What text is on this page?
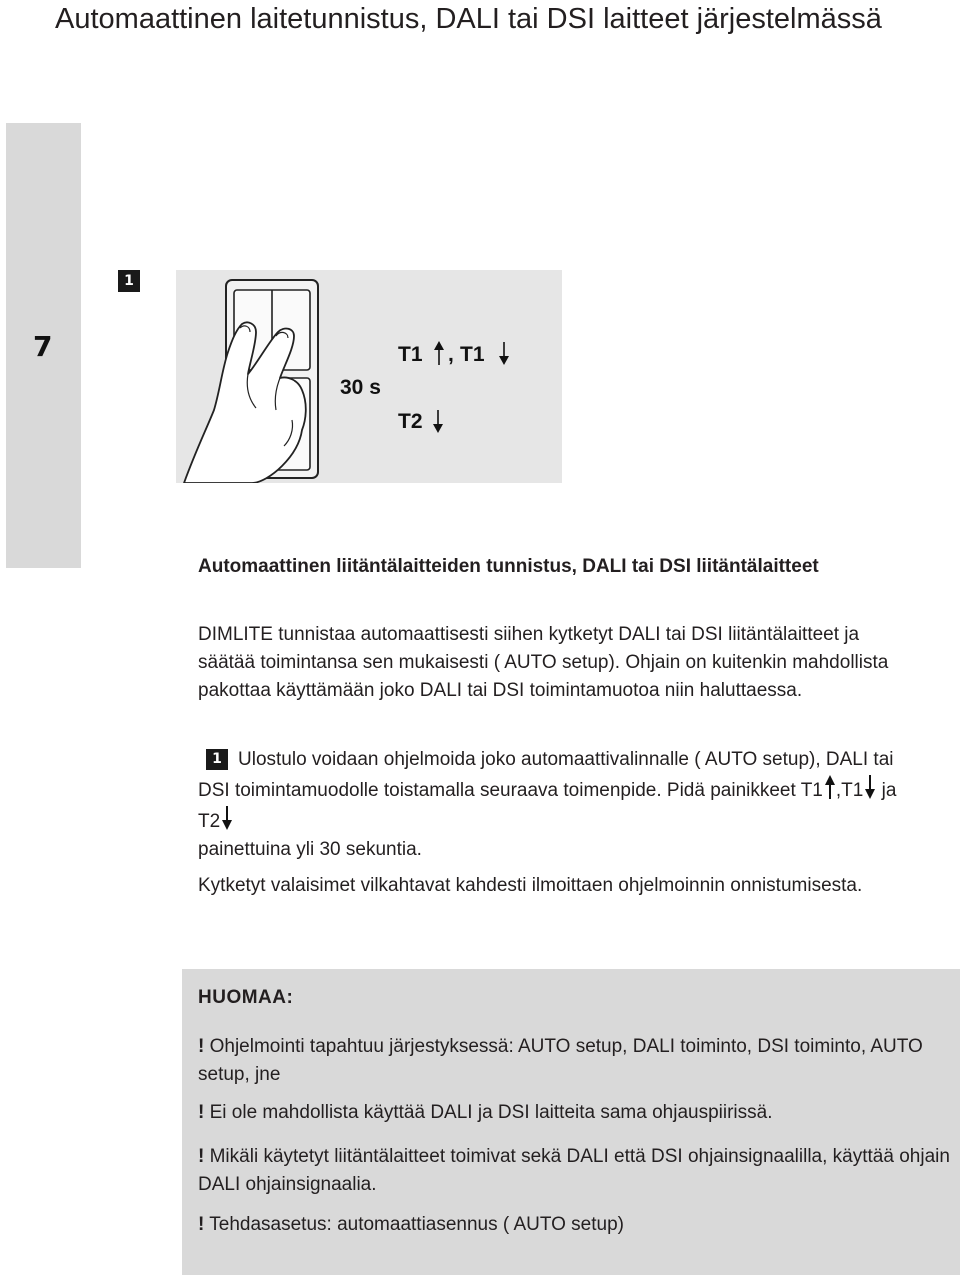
Automaattinen laitetunnistus, DALI tai DSI laitteet järjestelmässä
7
1
30 s
T1 , T1
T2
Automaattinen liitäntälaitteiden tunnistus, DALI tai DSI liitäntälaitteet

DIMLITE tunnistaa automaattisesti siihen kytketyt DALI tai DSI liitäntälaitteet ja säätää toimintansa sen mukaisesti ( AUTO setup). Ohjain on kuitenkin mahdollista pakottaa käyttämään joko DALI tai DSI toimintamuotoa niin haluttaessa.

1 Ulostulo voidaan ohjelmoida joko automaattivalinnalle ( AUTO setup), DALI tai DSI toimintamuodolle toistamalla seuraava toimenpide. Pidä painikkeet T1 ,T1 ja T2
painettuina yli 30 sekuntia.

Kytketyt valaisimet vilkahtavat kahdesti ilmoittaen ohjelmoinnin onnistumisesta.

HUOMAA:

! Ohjelmointi tapahtuu järjestyksessä: AUTO setup, DALI toiminto, DSI toiminto, AUTO setup, jne

! Ei ole mahdollista käyttää DALI ja DSI laitteita sama ohjauspiirissä.

! Mikäli käytetyt liitäntälaitteet toimivat sekä DALI että DSI ohjainsignaalilla, käyttää ohjain DALI ohjainsignaalia.

! Tehdasasetus: automaattiasennus ( AUTO setup)
